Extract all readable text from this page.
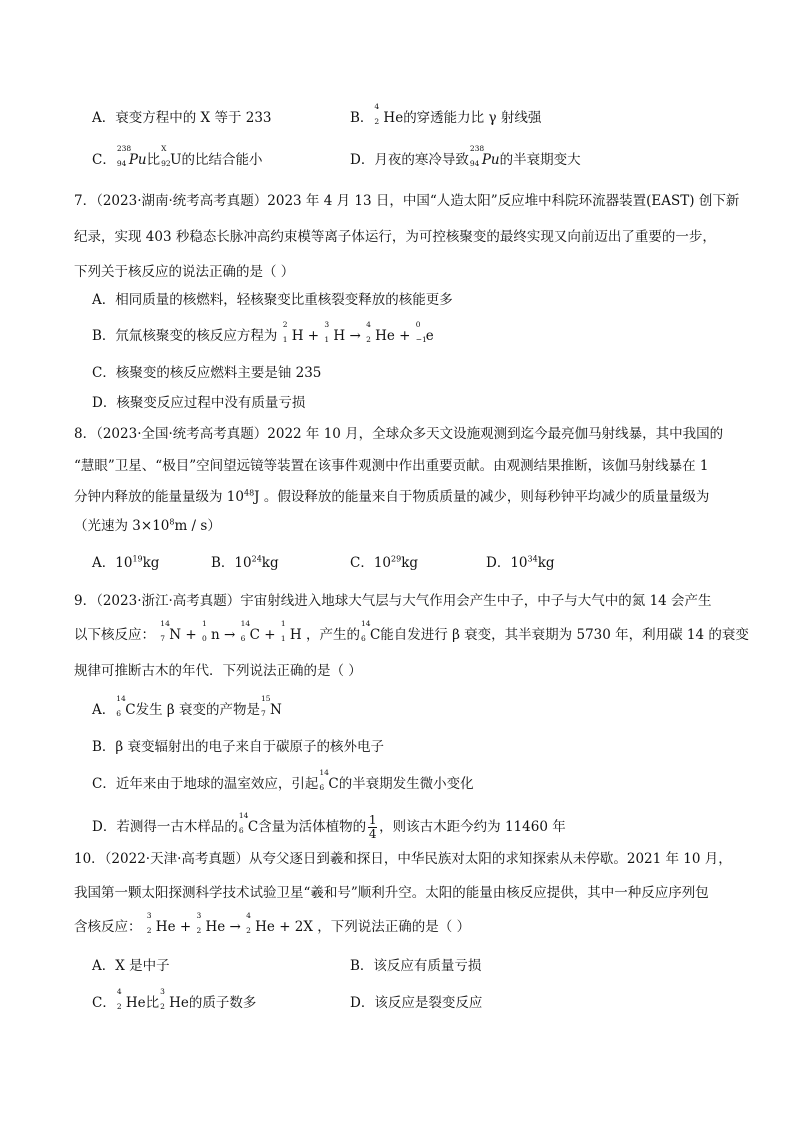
A．衰变方程中的 X 等于 233	B．
4
2 He的穿透能力比 γ 射线强
C．
238
94 Pu比
X
92 U的比结合能小	D．月夜的寒冷导致
238
94 Pu的半衰期变大
7．（2023·湖南·统考高考真题）2023 年 4 月 13 日，中国“人造太阳”反应堆中科院环流器装置(EAST) 创下新
纪录，实现 403 秒稳态长脉冲高约束模等离子体运行，为可控核聚变的最终实现又向前迈出了重要的一步，
下列关于核反应的说法正确的是（ ）
A．相同质量的核燃料，轻核聚变比重核裂变释放的核能更多
B．氘氚核聚变的核反应方程为
2
1 H +
3
1 H →
4
2 He +
0
−1
e
C．核聚变的核反应燃料主要是铀 235
D．核聚变反应过程中没有质量亏损
8．（2023·全国·统考高考真题）2022 年 10 月，全球众多天文设施观测到迄今最亮伽马射线暴，其中我国的
“慧眼”卫星、“极目”空间望远镜等装置在该事件观测中作出重要贡献。由观测结果推断，该伽马射线暴在 1
分钟内释放的能量量级为 $10^{48}J$ 。假设释放的能量来自于物质质量的减少，则每秒钟平均减少的质量量级为
（光速为 $3\times 10^8m / s$）
A．$10^{19}kg$	B．$10^{24}kg$	C．$10^{29}kg$	D．$10^{34}kg$
9．（2023·浙江·高考真题）宇宙射线进入地球大气层与大气作用会产生中子，中子与大气中的氮 14 会产生
以下核反应：
14
7 N +
1
0 n →
14
6 C +
1
1 H ，产生的
14
6 C能自发进行 β 衰变，其半衰期为 5730 年，利用碳 14 的衰变
规律可推断古木的年代．下列说法正确的是（ ）
A．
14
6 C发生 β 衰变的产物是
15
7 N
B．β 衰变辐射出的电子来自于碳原子的核外电子
C．近年来由于地球的温室效应，引起
14
6 C的半衰期发生微小变化
D．若测得一古木样品的
14
6 C含量为活体植物的 $\frac{1}{4}$ ，则该古木距今约为 11460 年
10．（2022·天津·高考真题）从夸父逐日到羲和探日，中华民族对太阳的求知探索从未停歇。2021 年 10 月，
我国第一颗太阳探测科学技术试验卫星“羲和号”顺利升空。太阳的能量由核反应提供，其中一种反应序列包
含核反应：
3
2 He +
3
2 He →
4
2 He + 2X ，下列说法正确的是（ ）
A．X 是中子	B．该反应有质量亏损
C．
4
2 He比
3
2 He的质子数多	D．该反应是裂变反应
